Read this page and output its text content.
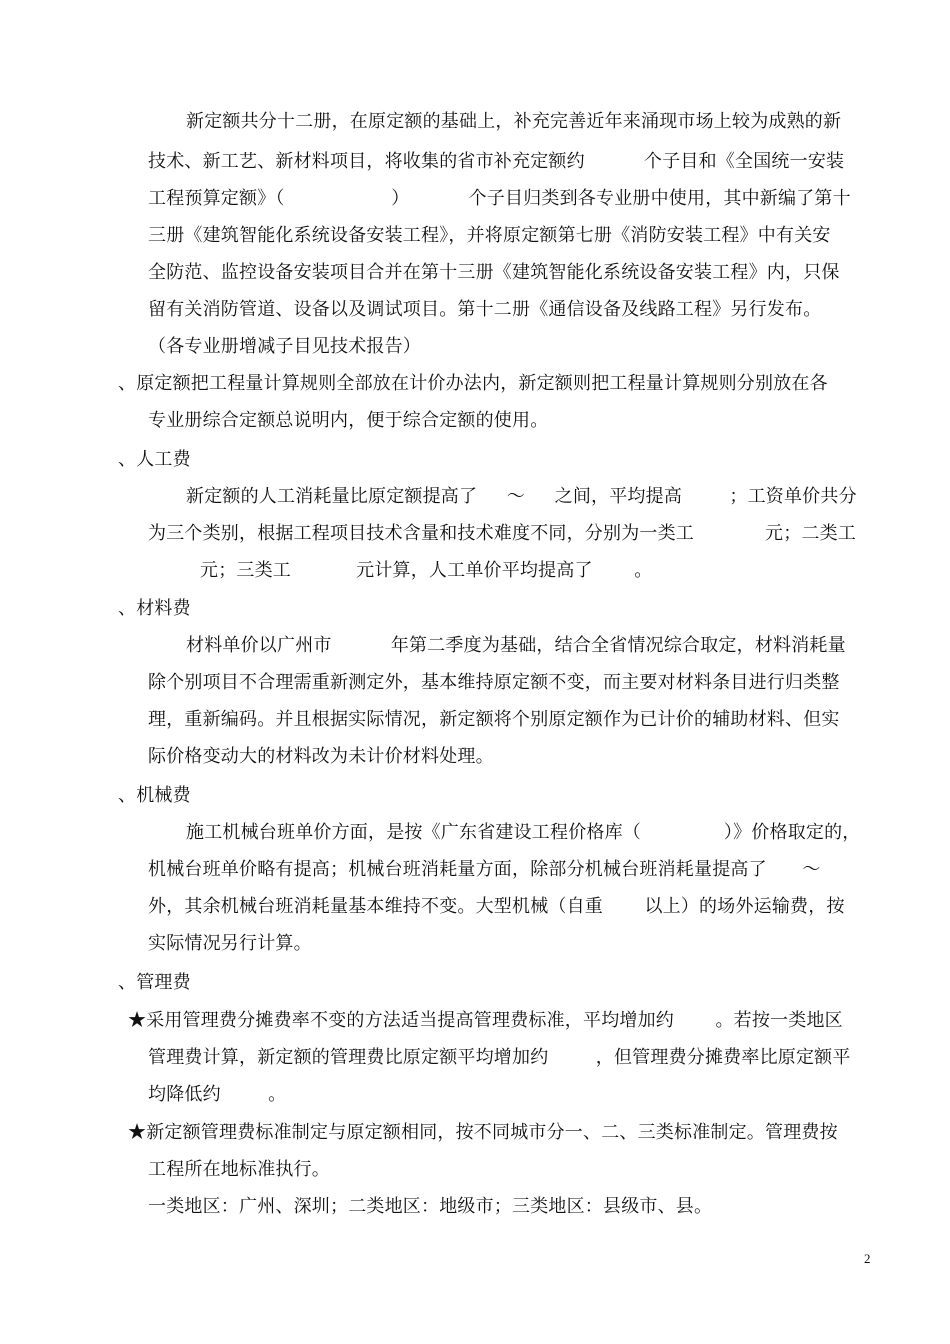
新定额共分十二册，在原定额的基础上，补充完善近年来涌现市场上较为成熟的新
技术、新工艺、新材料项目，将收集的省市补充定额约          个子目和《全国统一安装
工程预算定额》（                  ）          个子目归类到各专业册中使用，其中新编了第十
三册《建筑智能化系统设备安装工程》，并将原定额第七册《消防安装工程》中有关安
全防范、监控设备安装项目合并在第十三册《建筑智能化系统设备安装工程》内，只保
留有关消防管道、设备以及调试项目。第十二册《通信设备及线路工程》另行发布。
（各专业册增减子目见技术报告）
、原定额把工程量计算规则全部放在计价办法内，新定额则把工程量计算规则分别放在各
专业册综合定额总说明内，便于综合定额的使用。
、人工费
新定额的人工消耗量比原定额提高了     ～     之间，平均提高        ；工资单价共分
为三个类别，根据工程项目技术含量和技术难度不同，分别为一类工            元；二类工
元；三类工           元计算，人工单价平均提高了       。
、材料费
材料单价以广州市          年第二季度为基础，结合全省情况综合取定，材料消耗量
除个别项目不合理需重新测定外，基本维持原定额不变，而主要对材料条目进行归类整
理，重新编码。并且根据实际情况，新定额将个别原定额作为已计价的辅助材料、但实
际价格变动大的材料改为未计价材料处理。
、机械费
施工机械台班单价方面，是按《广东省建设工程价格库（              ）》价格取定的，
机械台班单价略有提高；机械台班消耗量方面，除部分机械台班消耗量提高了      ～
外，其余机械台班消耗量基本维持不变。大型机械（自重       以上）的场外运输费，按
实际情况另行计算。
、管理费
★采用管理费分摊费率不变的方法适当提高管理费标准，平均增加约       。若按一类地区
管理费计算，新定额的管理费比原定额平均增加约        ，但管理费分摊费率比原定额平
均降低约        。
★新定额管理费标准制定与原定额相同，按不同城市分一、二、三类标准制定。管理费按
工程所在地标准执行。
一类地区：广州、深圳；二类地区：地级市；三类地区：县级市、县。
2
